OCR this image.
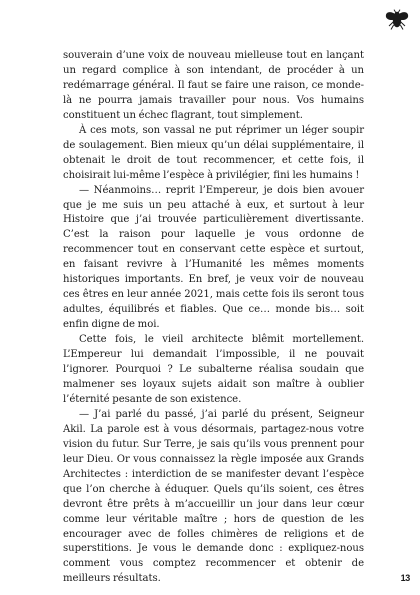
souverain d’une voix de nouveau mielleuse tout en lançant un regard complice à son intendant, de procéder à un redémarrage général. Il faut se faire une raison, ce monde-là ne pourra jamais travailler pour nous. Vos humains constituent un échec flagrant, tout simplement.

À ces mots, son vassal ne put réprimer un léger soupir de soulagement. Bien mieux qu’un délai supplémentaire, il obtenait le droit de tout recommencer, et cette fois, il choisirait lui-même l’espèce à privilégier, fini les humains !

— Néanmoins… reprit l’Empereur, je dois bien avouer que je me suis un peu attaché à eux, et surtout à leur Histoire que j’ai trouvée particulièrement divertissante. C’est la raison pour laquelle je vous ordonne de recommencer tout en conservant cette espèce et surtout, en faisant revivre à l’Humanité les mêmes moments historiques importants. En bref, je veux voir de nouveau ces êtres en leur année 2021, mais cette fois ils seront tous adultes, équilibrés et fiables. Que ce… monde bis… soit enfin digne de moi.

Cette fois, le vieil architecte blêmit mortellement. L’Empereur lui demandait l’impossible, il ne pouvait l’ignorer. Pourquoi ? Le subalterne réalisa soudain que malmener ses loyaux sujets aidait son maître à oublier l’éternité pesante de son existence.

— J’ai parlé du passé, j’ai parlé du présent, Seigneur Akil. La parole est à vous désormais, partagez-nous votre vision du futur. Sur Terre, je sais qu’ils vous prennent pour leur Dieu. Or vous connaissez la règle imposée aux Grands Architectes : interdiction de se manifester devant l’espèce que l’on cherche à éduquer. Quels qu’ils soient, ces êtres devront être prêts à m’accueillir un jour dans leur cœur comme leur véritable maître ; hors de question de les encourager avec de folles chimères de religions et de superstitions. Je vous le demande donc : expliquez-nous comment vous comptez recommencer et obtenir de meilleurs résultats.	13
